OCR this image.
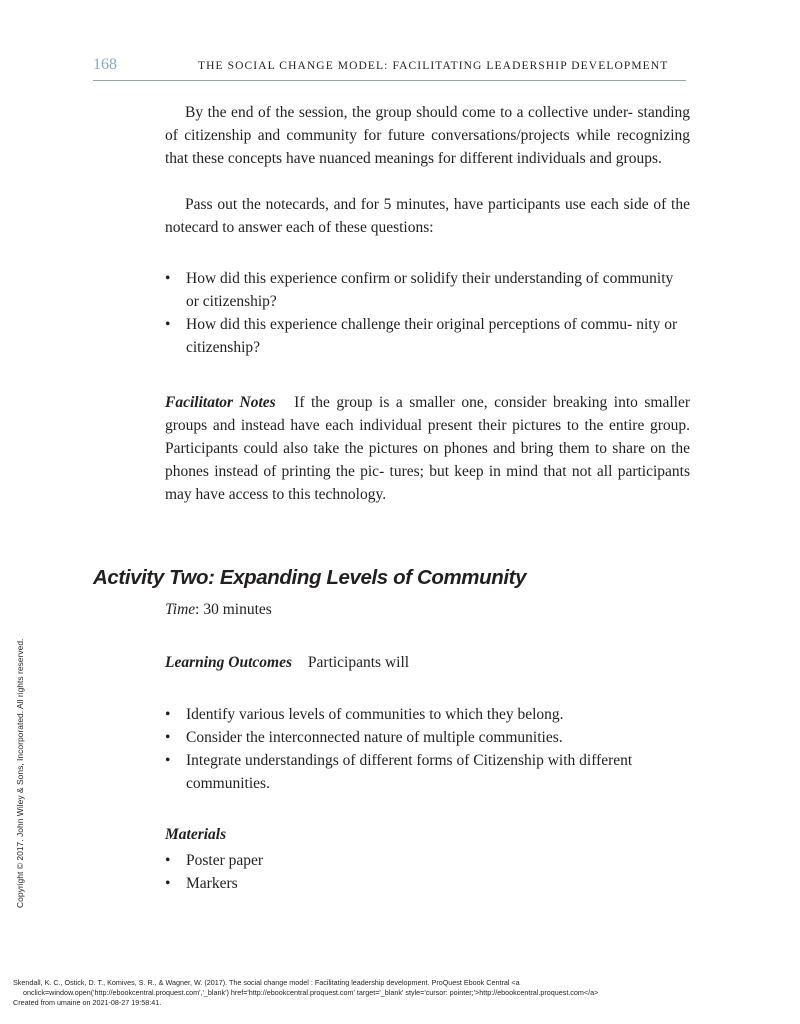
168	THE SOCIAL CHANGE MODEL: FACILITATING LEADERSHIP DEVELOPMENT

By the end of the session, the group should come to a collective under- standing of citizenship and community for future conversations/projects while recognizing that these concepts have nuanced meanings for different individuals and groups.

Pass out the notecards, and for 5 minutes, have participants use each side of the notecard to answer each of these questions:

• How did this experience confirm or solidify their understanding of community or citizenship?
• How did this experience challenge their original perceptions of commu- nity or citizenship?

Facilitator Notes If the group is a smaller one, consider breaking into smaller groups and instead have each individual present their pictures to the entire group. Participants could also take the pictures on phones and bring them to share on the phones instead of printing the pic- tures; but keep in mind that not all participants may have access to this technology.

Activity Two: Expanding Levels of Community
Time: 30 minutes
Learning Outcomes Participants will
• Identify various levels of communities to which they belong.
• Consider the interconnected nature of multiple communities.
• Integrate understandings of different forms of Citizenship with different communities.
Materials
• Poster paper
• Markers
Copyright © 2017. John Wiley & Sons, Incorporated. All rights reserved.
Skendall, K. C., Ostick, D. T., Komives, S. R., & Wagner, W. (2017). The social change model : Facilitating leadership development. ProQuest Ebook Central <a
onclick=window.open('http://ebookcentral.proquest.com','_blank') href='http://ebookcentral.proquest.com' target='_blank' style='cursor: pointer;'>http://ebookcentral.proquest.com</a>
Created from umaine on 2021-08-27 19:58:41.
